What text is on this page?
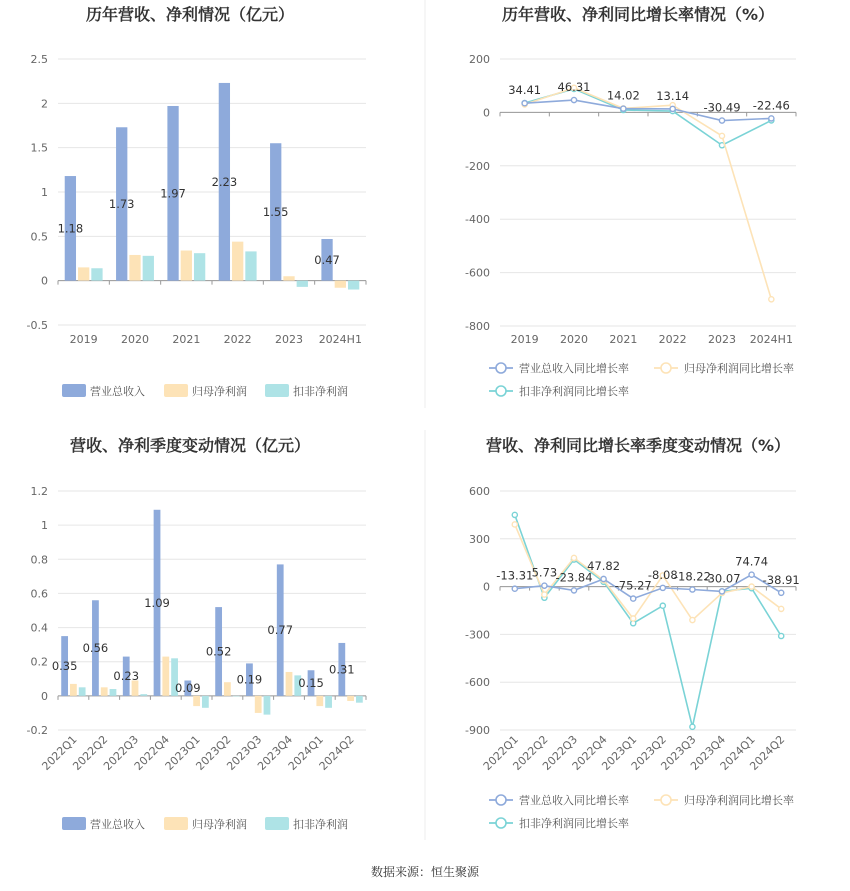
历年营收、净利情况（亿元）
-0.5
0
0.5
1
1.5
2
2.5
2019 2020 2021 2022 2023 2024H1
1.18
1.73
1.97
2.23
1.55
0.47
营业总收入	归母净利润	扣非净利润
历年营收、净利同比增长率情况（%）
-800
-600
-400
-200
0
200
2019 2020 2021 2022 2023 2024H1
34.41 46.31
14.02 13.14
-30.49 -22.46
营业总收入同比增长率	归母净利润同比增长率
扣非净利润同比增长率
营收、净利季度变动情况（亿元）
-0.2
0
0.2
0.4
0.6
0.8
1
1.2
2022Q1
2022Q2
2022Q3
2022Q4
2023Q1
2023Q2
2023Q3
2023Q4
2024Q1
2024Q2
0.35
0.56
0.23
1.09
0.09
0.52
0.19
0.77
0.15
0.31
营业总收入	归母净利润	扣非净利润
营收、净利同比增长率季度变动情况（%）
-900
-600
-300
0
300
600
2022Q1
2022Q2
2022Q3
2022Q4
2023Q1
2023Q2
2023Q3
2023Q4
2024Q1
2024Q2
-13.31
5.73
-23.84
47.82
-75.27
-8.08
-18.22
-30.07
74.74
-38.91
营业总收入同比增长率	归母净利润同比增长率
扣非净利润同比增长率
数据来源：恒生聚源
